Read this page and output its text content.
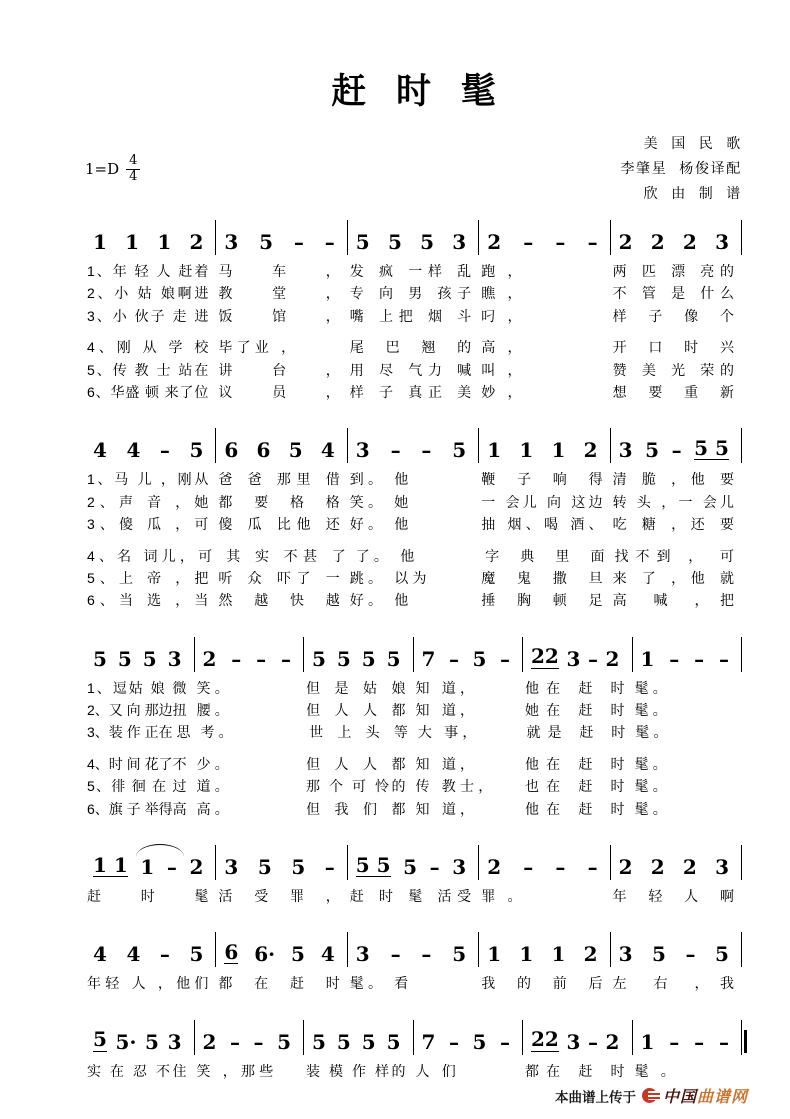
赶时髦
$1=D \frac{4}{4}$
美 国 民 歌
李肇星 杨俊译配
欣 由 制 谱
1 1 1 2 3 5 – – 5 5 5 3 2 – – – 2 2 2 3
1、年 轻 人 赶着 马 车 ， 发 疯 一样 乱 跑 ，	两 匹 漂 亮的
2、小 姑 娘啊进 教 堂 ， 专 向 男 孩子 瞧 ，	不 管 是 什么
3、小 伙子 走 进 饭 馆 ， 嘴 上把 烟 斗 叼 ，	样 子 像 个
4、刚 从 学 校 毕了业 ，	尾 巴 翘 的 高 ，	开 口 时 兴
5、传 教 士 站在 讲 台 ， 用 尽 气力 喊 叫 ，	赞 美 光 荣的
6、华盛 顿 来了位 议 员 ， 样 子 真正 美 妙 ，	想 要 重 新
4 4 – 5 6 6 5 4 3 – – 5 1 1 1 2 3 5 – 5 5
1、马 儿 ，刚从 爸 爸 那里 借 到。 他	鞭 子 响 得 清 脆 ，他 要
2、声 音 ，她 都 要 格 格 笑。 她	一 会儿 向 这边 转 头 ，一 会儿
3、傻 瓜 ，可 傻 瓜 比他 还 好。 他	抽 烟、喝 酒、 吃 糖 ，还 要
4、名 词儿，可 其 实 不甚 了 了。 他	字 典 里 面 找不到 ， 可
5、上 帝 ，把 听 众 吓了 一 跳。 以为	魔 鬼 撒 旦 来 了 ，他 就
6、当 选 ，当 然 越 快 越 好。 他	捶 胸 顿 足 高 喊 ，把
5 5 5 3 2 – – – 5 5 5 5 7 – 5 – 22 3 – 2 1 – – –
1、逗姑 娘 微 笑。	但 是 姑 娘 知 道，	他在 赶 时 髦。
2、又 向 那边扭 腰。	但 人 人 都 知 道，	她在 赶 时 髦。
3、装 作 正在 思 考。	世 上 头 等 大 事，	就是 赶 时 髦。
4、时 间 花了不 少。	但 人 人 都 知 道，	他在 赶 时 髦。
5、徘 徊 在 过 道。	那 个 可 怜的 传 教士，	也在 赶 时 髦。
6、旗 子 举得高 高。	但 我 们 都 知 道，	他在 赶 时 髦。
1 1 1 – 2 3 5 5 – 5 5 5 – 3 2 – – – 2 2 2 3
赶 时 髦 活 受 罪 ， 赶 时 髦 活受 罪 。	年 轻 人 啊
4 4 – 5 6 6· 5 4 3 – – 5 1 1 1 2 3 5 – 5
年轻 人 ，他们 都 在 赶 时 髦。 看	我 的 前 后 左 右 ，我
5 5· 5 3 2 – – 5 5 5 5 5 7 – 5 – 22 3 – 2 1 – – –
实 在 忍 不住 笑 ，那些	装 模 作 样的 人 们	都在 赶 时 髦 。
本曲谱上传于 中国曲谱网
